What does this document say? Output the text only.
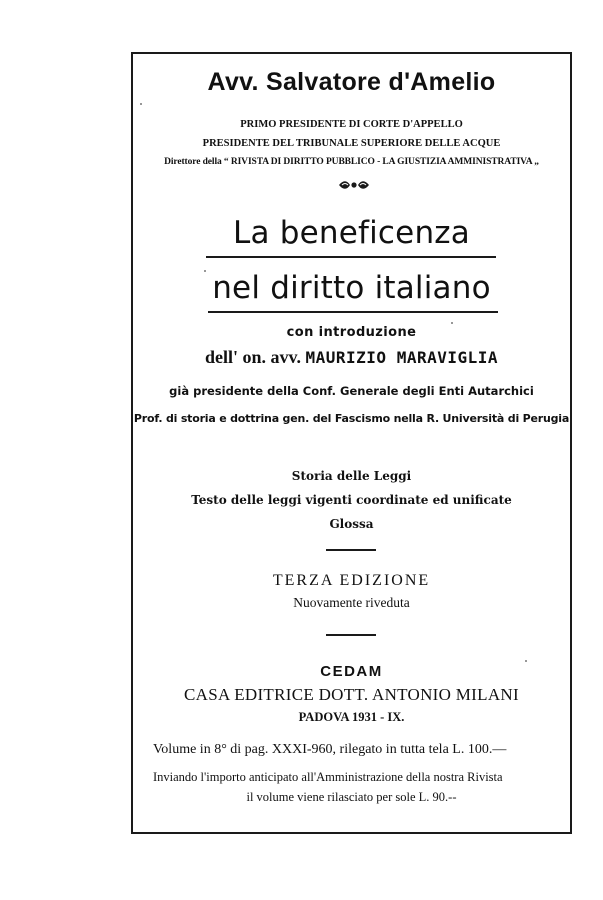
Avv. Salvatore d'Amelio
PRIMO PRESIDENTE DI CORTE D'APPELLO
PRESIDENTE DEL TRIBUNALE SUPERIORE DELLE ACQUE
Direttore della “ RIVISTA DI DIRITTO PUBBLICO - LA GIUSTIZIA AMMINISTRATIVA „
La beneficenza
nel diritto italiano
con introduzione
dell' on. avv. MAURIZIO MARAVIGLIA
già presidente della Conf. Generale degli Enti Autarchici
Prof. di storia e dottrina gen. del Fascismo nella R. Università di Perugia
Storia delle Leggi
Testo delle leggi vigenti coordinate ed unificate
Glossa
TERZA EDIZIONE
Nuovamente riveduta
CEDAM
CASA EDITRICE DOTT. ANTONIO MILANI
PADOVA 1931 - IX.
Volume in 8° di pag. XXXI-960, rilegato in tutta tela L. 100.—
Inviando l'importo anticipato all'Amministrazione della nostra Rivista
il volume viene rilasciato per sole L. 90.--
